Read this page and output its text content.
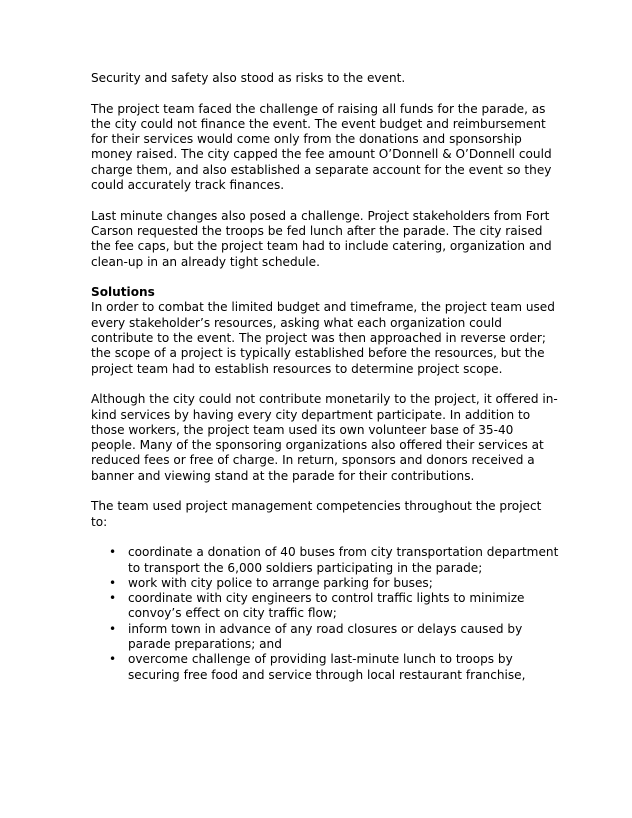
Security and safety also stood as risks to the event.

The project team faced the challenge of raising all funds for the parade, as the city could not finance the event. The event budget and reimbursement for their services would come only from the donations and sponsorship money raised. The city capped the fee amount O’Donnell & O’Donnell could charge them, and also established a separate account for the event so they could accurately track finances.

Last minute changes also posed a challenge. Project stakeholders from Fort Carson requested the troops be fed lunch after the parade. The city raised the fee caps, but the project team had to include catering, organization and clean-up in an already tight schedule.

Solutions

In order to combat the limited budget and timeframe, the project team used every stakeholder’s resources, asking what each organization could contribute to the event. The project was then approached in reverse order; the scope of a project is typically established before the resources, but the project team had to establish resources to determine project scope.

Although the city could not contribute monetarily to the project, it offered in-kind services by having every city department participate. In addition to those workers, the project team used its own volunteer base of 35-40 people. Many of the sponsoring organizations also offered their services at reduced fees or free of charge. In return, sponsors and donors received a banner and viewing stand at the parade for their contributions.

The team used project management competencies throughout the project to:

• coordinate a donation of 40 buses from city transportation department to transport the 6,000 soldiers participating in the parade;
• work with city police to arrange parking for buses;
• coordinate with city engineers to control traffic lights to minimize convoy’s effect on city traffic flow;
• inform town in advance of any road closures or delays caused by parade preparations; and
• overcome challenge of providing last-minute lunch to troops by securing free food and service through local restaurant franchise,
